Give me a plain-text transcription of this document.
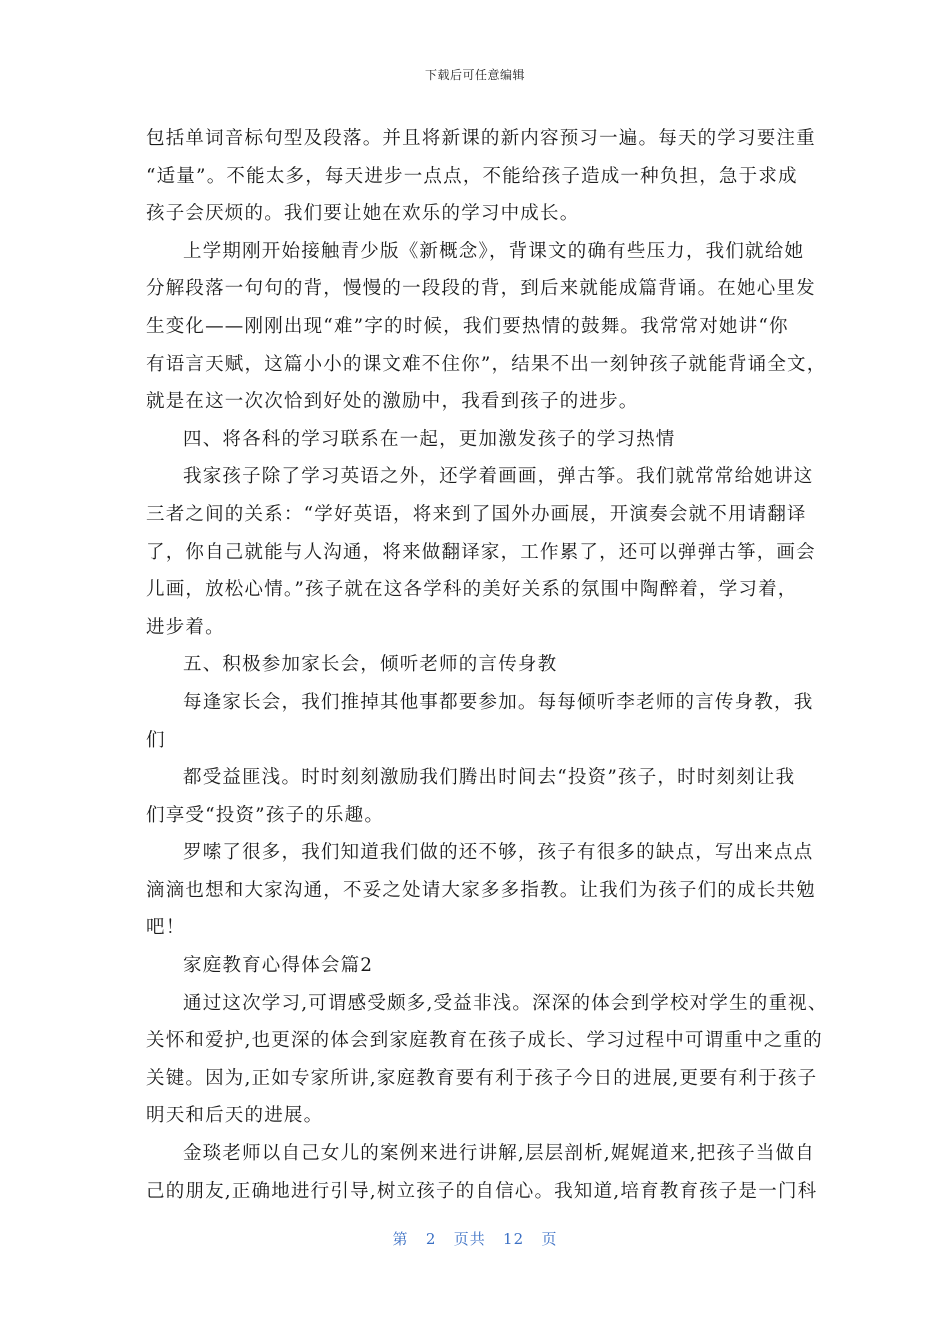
下载后可任意编辑
包括单词音标句型及段落。并且将新课的新内容预习一遍。每天的学习要注重
“适量”。不能太多，每天进步一点点，不能给孩子造成一种负担，急于求成
孩子会厌烦的。我们要让她在欢乐的学习中成长。
上学期刚开始接触青少版《新概念》，背课文的确有些压力，我们就给她
分解段落一句句的背，慢慢的一段段的背，到后来就能成篇背诵。在她心里发
生变化——刚刚出现“难”字的时候，我们要热情的鼓舞。我常常对她讲“你
有语言天赋，这篇小小的课文难不住你”，结果不出一刻钟孩子就能背诵全文，
就是在这一次次恰到好处的激励中，我看到孩子的进步。
四、将各科的学习联系在一起，更加激发孩子的学习热情
我家孩子除了学习英语之外，还学着画画，弹古筝。我们就常常给她讲这
三者之间的关系：“学好英语，将来到了国外办画展，开演奏会就不用请翻译
了，你自己就能与人沟通，将来做翻译家，工作累了，还可以弹弹古筝，画会
儿画，放松心情。”孩子就在这各学科的美好关系的氛围中陶醉着，学习着，
进步着。
五、积极参加家长会，倾听老师的言传身教
每逢家长会，我们推掉其他事都要参加。每每倾听李老师的言传身教，我
们
都受益匪浅。时时刻刻激励我们腾出时间去“投资”孩子，时时刻刻让我
们享受“投资”孩子的乐趣。
罗嗦了很多，我们知道我们做的还不够，孩子有很多的缺点，写出来点点
滴滴也想和大家沟通，不妥之处请大家多多指教。让我们为孩子们的成长共勉
吧！
家庭教育心得体会篇2
通过这次学习,可谓感受颇多,受益非浅。深深的体会到学校对学生的重视、
关怀和爱护,也更深的体会到家庭教育在孩子成长、学习过程中可谓重中之重的
关键。因为,正如专家所讲,家庭教育要有利于孩子今日的进展,更要有利于孩子
明天和后天的进展。
金琰老师以自己女儿的案例来进行讲解,层层剖析,娓娓道来,把孩子当做自
己的朋友,正确地进行引导,树立孩子的自信心。我知道,培育教育孩子是一门科
第 2 页共 12 页
